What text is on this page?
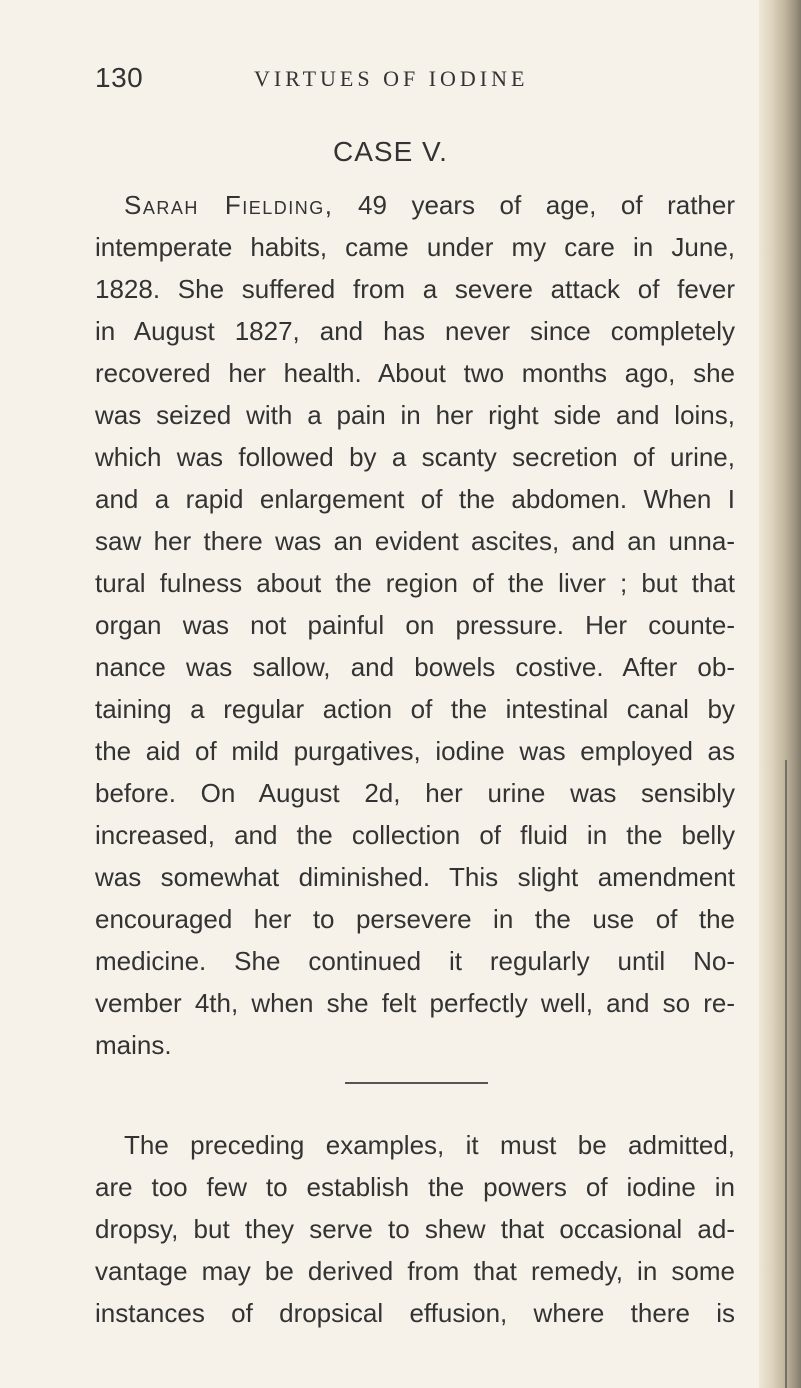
130	VIRTUES OF IODINE
CASE V.
Sarah Fielding, 49 years of age, of rather
intemperate habits, came under my care in June,
1828. She suffered from a severe attack of fever
in August 1827, and has never since completely
recovered her health. About two months ago, she
was seized with a pain in her right side and loins,
which was followed by a scanty secretion of urine,
and a rapid enlargement of the abdomen. When I
saw her there was an evident ascites, and an unna-
tural fulness about the region of the liver ; but that
organ was not painful on pressure. Her counte-
nance was sallow, and bowels costive. After ob-
taining a regular action of the intestinal canal by
the aid of mild purgatives, iodine was employed as
before. On August 2d, her urine was sensibly
increased, and the collection of fluid in the belly
was somewhat diminished. This slight amendment
encouraged her to persevere in the use of the
medicine. She continued it regularly until No-
vember 4th, when she felt perfectly well, and so re-
mains.
The preceding examples, it must be admitted,
are too few to establish the powers of iodine in
dropsy, but they serve to shew that occasional ad-
vantage may be derived from that remedy, in some
instances of dropsical effusion, where there is
